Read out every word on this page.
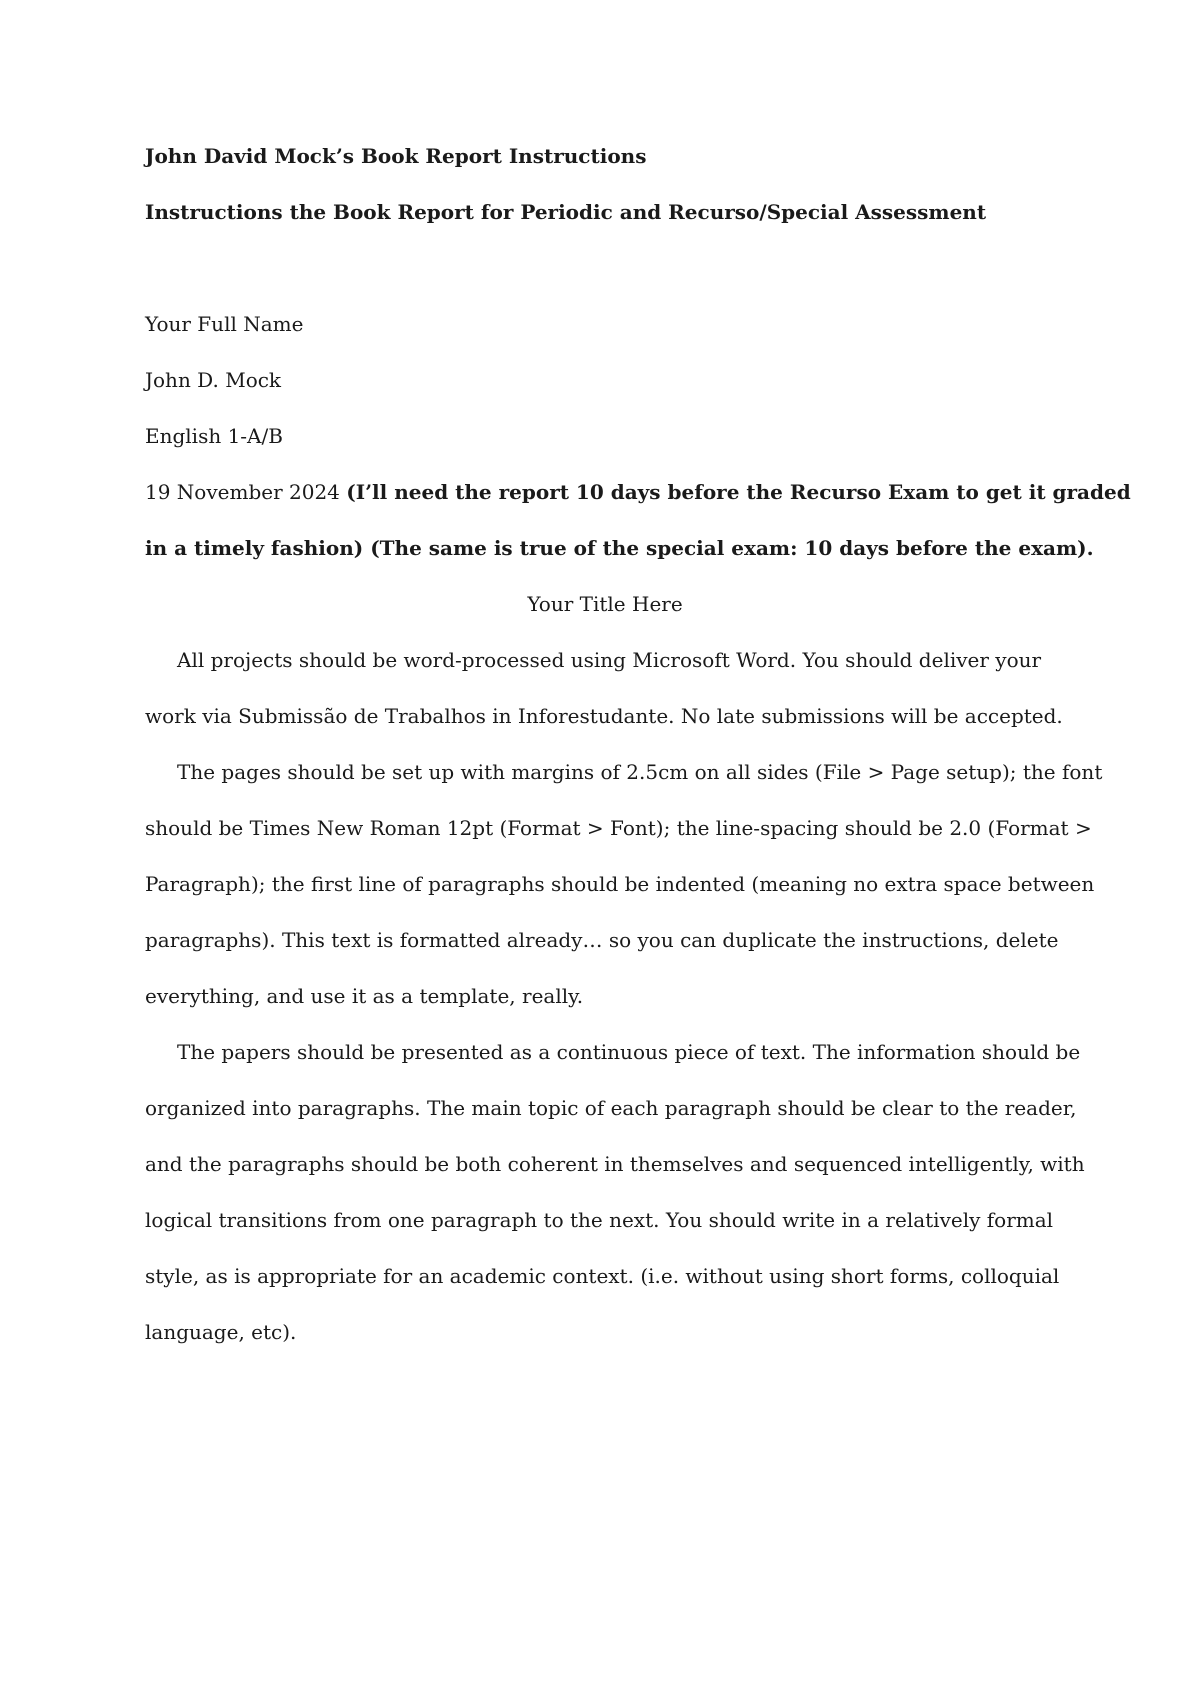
John David Mock’s Book Report Instructions

Instructions the Book Report for Periodic and Recurso/Special Assessment

Your Full Name

John D. Mock

English 1-A/B

19 November 2024 (I’ll need the report 10 days before the Recurso Exam to get it graded

in a timely fashion) (The same is true of the special exam: 10 days before the exam).

Your Title Here

All projects should be word-processed using Microsoft Word. You should deliver your
work via Submissão de Trabalhos in Inforestudante. No late submissions will be accepted.
The pages should be set up with margins of 2.5cm on all sides (File > Page setup); the font
should be Times New Roman 12pt (Format > Font); the line-spacing should be 2.0 (Format >
Paragraph); the first line of paragraphs should be indented (meaning no extra space between
paragraphs). This text is formatted already… so you can duplicate the instructions, delete
everything, and use it as a template, really.
The papers should be presented as a continuous piece of text. The information should be
organized into paragraphs. The main topic of each paragraph should be clear to the reader,
and the paragraphs should be both coherent in themselves and sequenced intelligently, with
logical transitions from one paragraph to the next. You should write in a relatively formal
style, as is appropriate for an academic context. (i.e. without using short forms, colloquial
language, etc).
